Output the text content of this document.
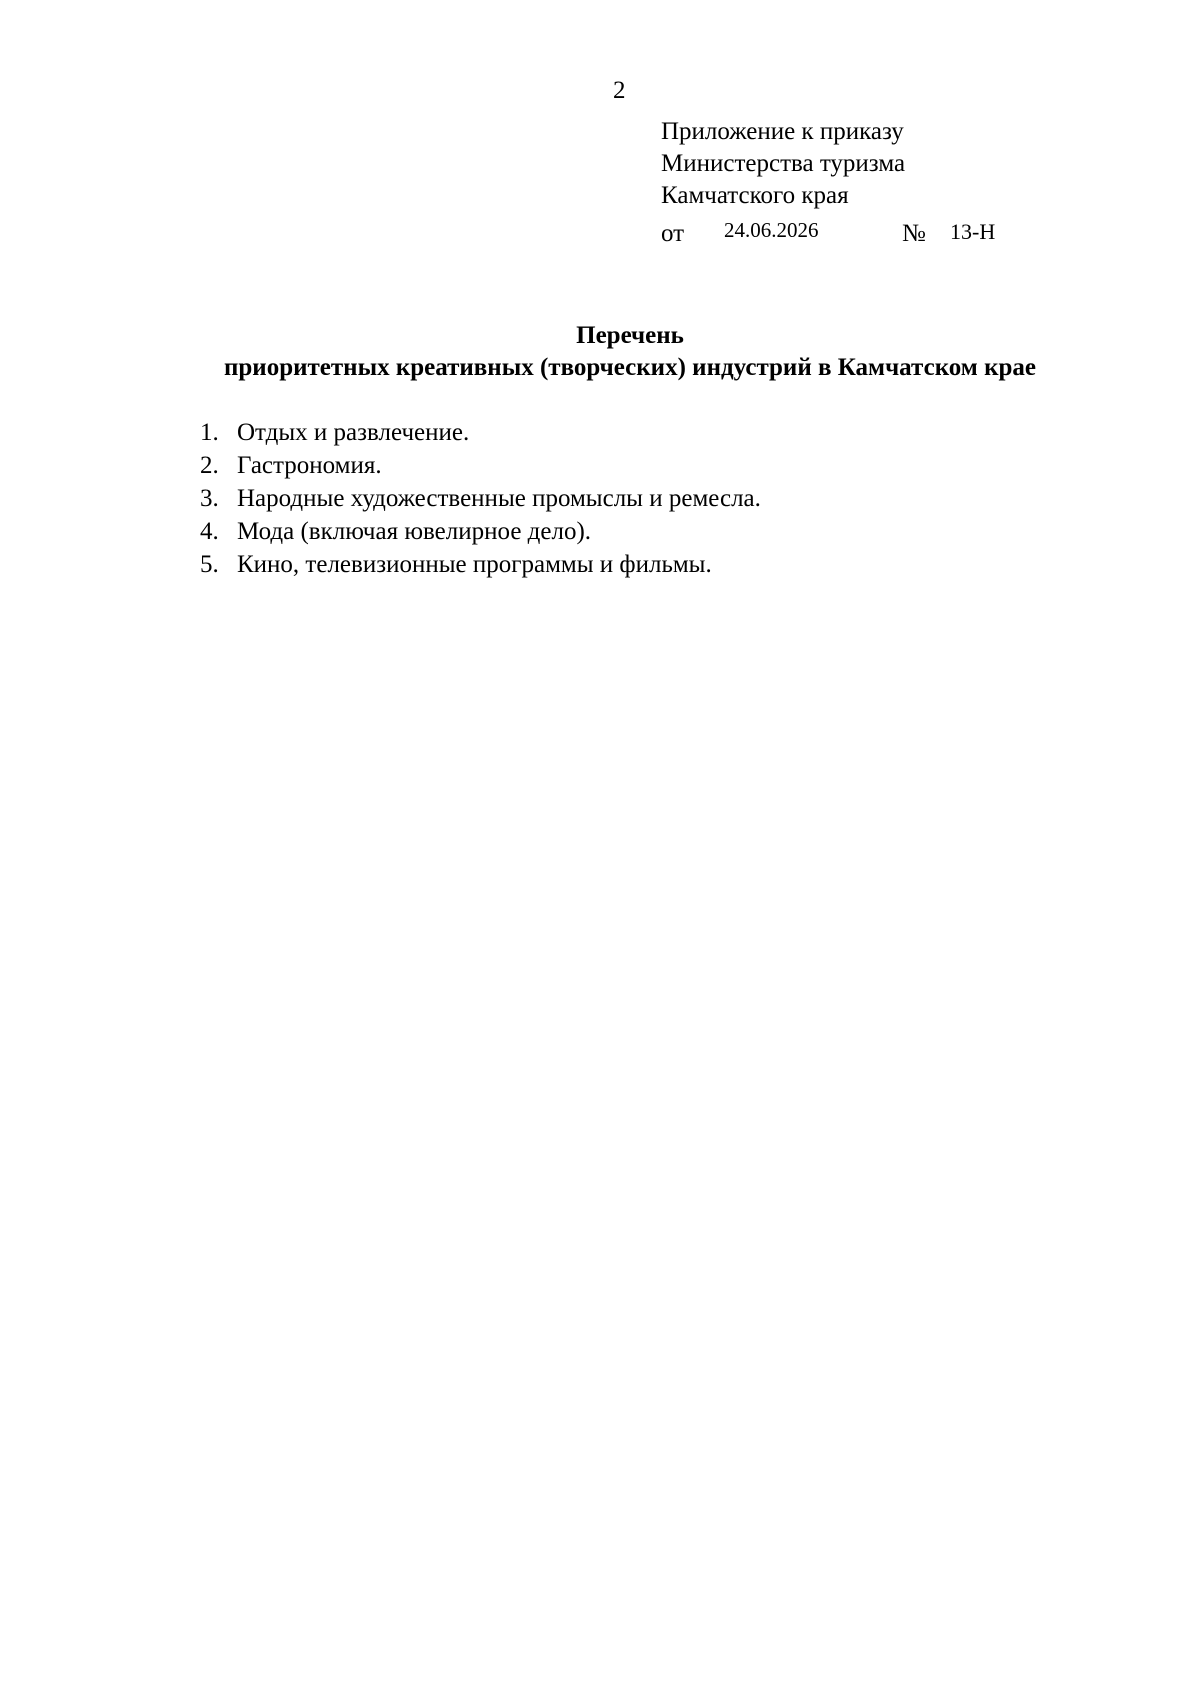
2
Приложение к приказу
Министерства туризма
Камчатского края
от 24.06.2026	№ 13-Н
Перечень
приоритетных креативных (творческих) индустрий в Камчатском крае
1. Отдых и развлечение.
2. Гастрономия.
3. Народные художественные промыслы и ремесла.
4. Мода (включая ювелирное дело).
5. Кино, телевизионные программы и фильмы.
